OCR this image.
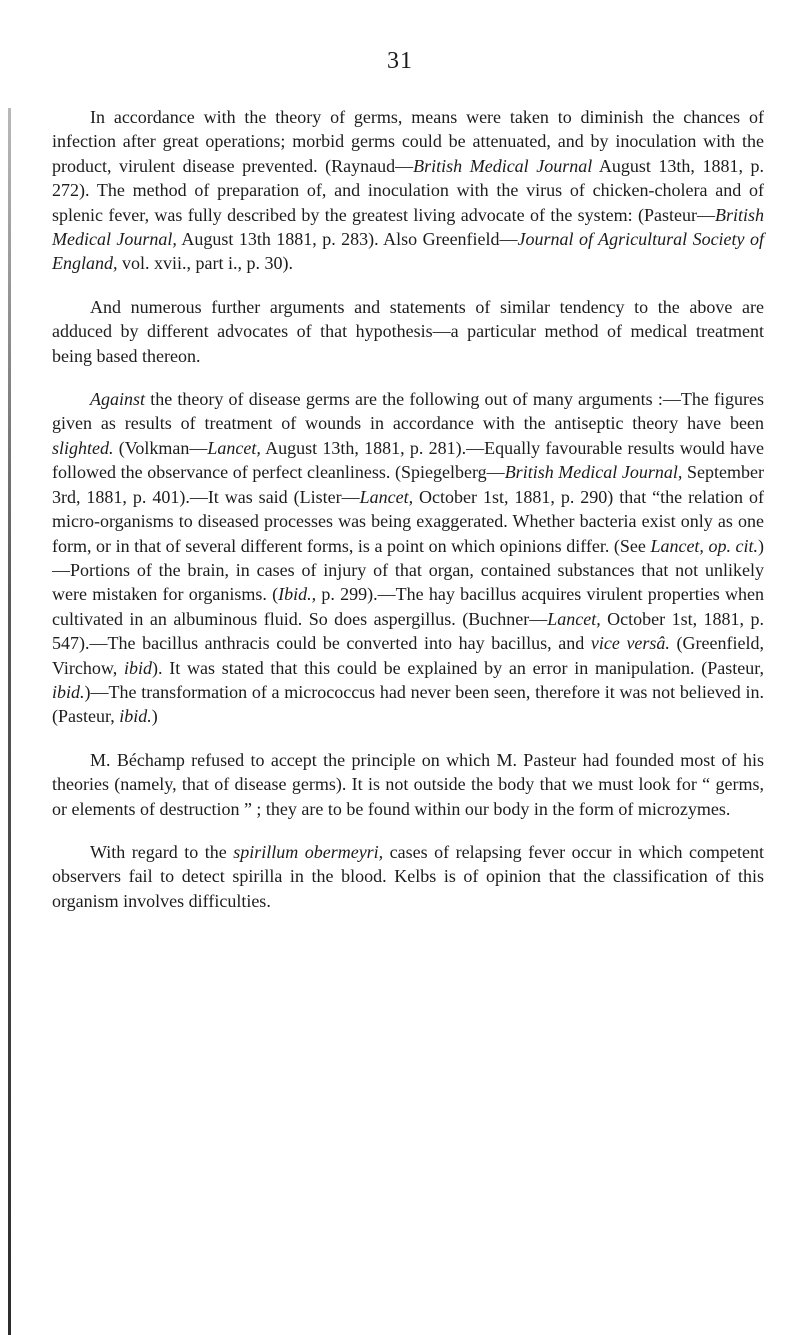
31

In accordance with the theory of germs, means were taken to diminish the chances of infection after great operations; morbid germs could be attenuated, and by inoculation with the product, virulent disease prevented. (Raynaud—British Medical Journal August 13th, 1881, p. 272). The method of preparation of, and inoculation with the virus of chicken-cholera and of splenic fever, was fully described by the greatest living advocate of the system: (Pasteur—British Medical Journal, August 13th 1881, p. 283). Also Greenfield—Journal of Agricultural Society of England, vol. xvii., part i., p. 30).

And numerous further arguments and statements of similar tendency to the above are adduced by different advocates of that hypothesis—a particular method of medical treatment being based thereon.

Against the theory of disease germs are the following out of many arguments :—The figures given as results of treatment of wounds in accordance with the antiseptic theory have been slighted. (Volkman—Lancet, August 13th, 1881, p. 281).—Equally favourable results would have followed the observance of perfect cleanliness. (Spiegelberg—British Medical Journal, September 3rd, 1881, p. 401).—It was said (Lister—Lancet, October 1st, 1881, p. 290) that “the relation of micro-organisms to diseased processes was being exaggerated. Whether bacteria exist only as one form, or in that of several different forms, is a point on which opinions differ. (See Lancet, op. cit.)—Portions of the brain, in cases of injury of that organ, contained substances that not unlikely were mistaken for organisms. (Ibid., p. 299).—The hay bacillus acquires virulent properties when cultivated in an albuminous fluid. So does aspergillus. (Buchner—Lancet, October 1st, 1881, p. 547).—The bacillus anthracis could be converted into hay bacillus, and vice versâ. (Greenfield, Virchow, ibid). It was stated that this could be explained by an error in manipulation. (Pasteur, ibid.)—The transformation of a micrococcus had never been seen, therefore it was not believed in. (Pasteur, ibid.)

M. Béchamp refused to accept the principle on which M. Pasteur had founded most of his theories (namely, that of disease germs). It is not outside the body that we must look for “ germs, or elements of destruction ” ; they are to be found within our body in the form of microzymes.

With regard to the spirillum obermeyri, cases of relapsing fever occur in which competent observers fail to detect spirilla in the blood. Kelbs is of opinion that the classification of this organism involves difficulties.
